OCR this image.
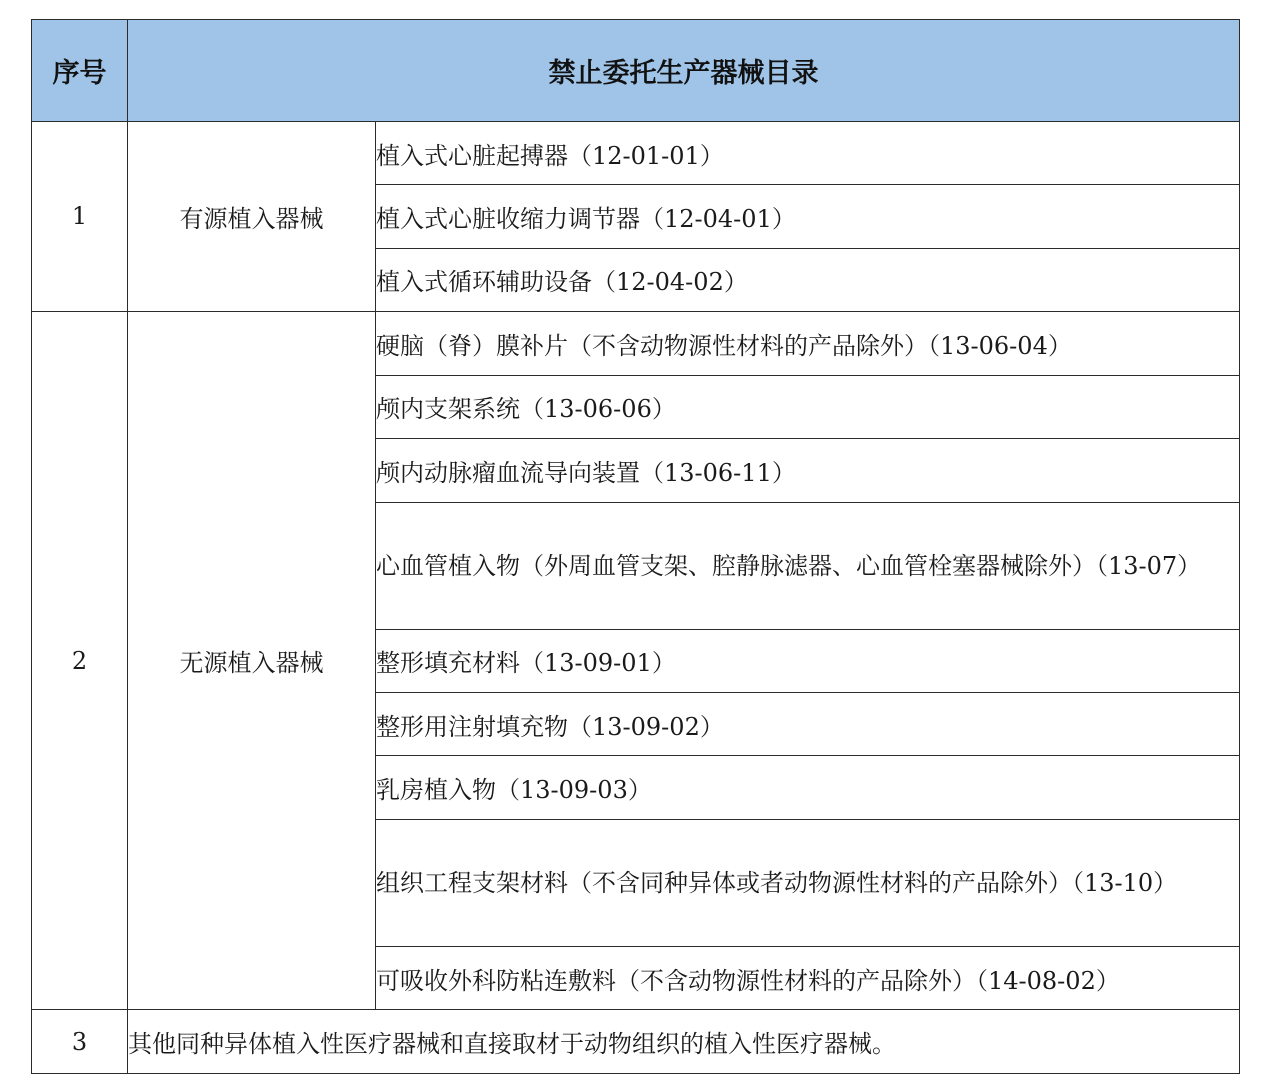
序号	禁止委托生产器械目录	
1	有源植入器械	植入式心脏起搏器（12-01-01）
		植入式心脏收缩力调节器（12-04-01）
		植入式循环辅助设备（12-04-02）
2	无源植入器械	硬脑（脊）膜补片（不含动物源性材料的产品除外）（13-06-04）
		颅内支架系统（13-06-06）
		颅内动脉瘤血流导向装置（13-06-11）
		心血管植入物（外周血管支架、腔静脉滤器、心血管栓塞器械除外）（13-07）
		整形填充材料（13-09-01）
		整形用注射填充物（13-09-02）
		乳房植入物（13-09-03）
		组织工程支架材料（不含同种异体或者动物源性材料的产品除外）（13-10）
		可吸收外科防粘连敷料（不含动物源性材料的产品除外）（14-08-02）
3	其他同种异体植入性医疗器械和直接取材于动物组织的植入性医疗器械。	
